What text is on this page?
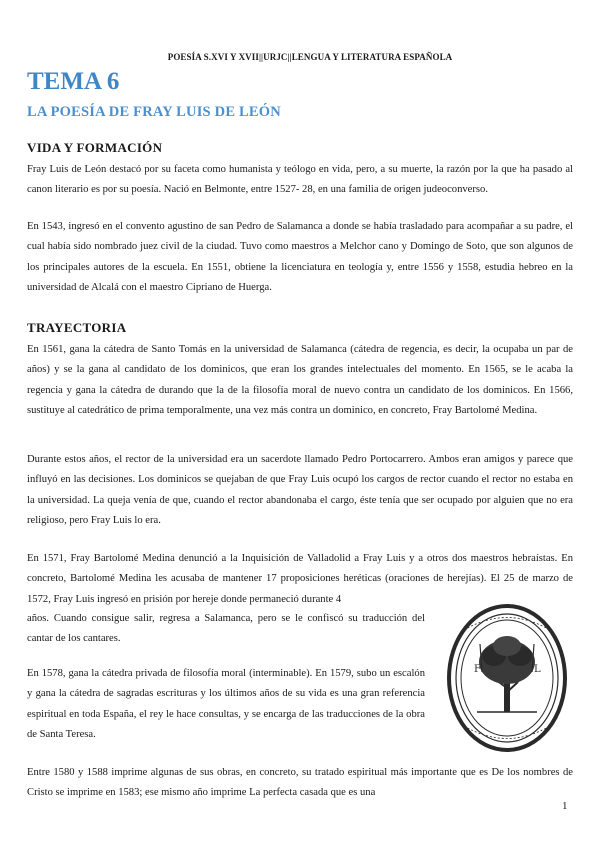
POESÍA S.XVI Y XVII||URJC||LENGUA Y LITERATURA ESPAÑOLA
TEMA 6
LA POESÍA DE FRAY LUIS DE LEÓN
VIDA Y FORMACIÓN

Fray Luis de León destacó por su faceta como humanista y teólogo en vida, pero, a su muerte, la razón por la que ha pasado al canon literario es por su poesía. Nació en Belmonte, entre 1527- 28, en una familia de origen judeoconverso.

En 1543, ingresó en el convento agustino de san Pedro de Salamanca a donde se había trasladado para acompañar a su padre, el cual había sido nombrado juez civil de la ciudad. Tuvo como maestros a Melchor cano y Domingo de Soto, que son algunos de los principales autores de la escuela. En 1551, obtiene la licenciatura en teología y, entre 1556 y 1558, estudia hebreo en la universidad de Alcalá con el maestro Cipriano de Huerga.

TRAYECTORIA

En 1561, gana la cátedra de Santo Tomás en la universidad de Salamanca (cátedra de regencia, es decir, la ocupaba un par de años) y se la gana al candidato de los dominicos, que eran los grandes intelectuales del momento. En 1565, se le acaba la regencia y gana la cátedra de durando que la de la filosofía moral de nuevo contra un candidato de los dominicos. En 1566, sustituye al catedrático de prima temporalmente, una vez más contra un dominico, en concreto, Fray Bartolomé Medina.

Durante estos años, el rector de la universidad era un sacerdote llamado Pedro Portocarrero. Ambos eran amigos y parece que influyó en las decisiones. Los dominicos se quejaban de que Fray Luis ocupó los cargos de rector cuando el rector no estaba en la universidad. La queja venía de que, cuando el rector abandonaba el cargo, éste tenía que ser ocupado por alguien que no era religioso, pero Fray Luis lo era.

En 1571, Fray Bartolomé Medina denunció a la Inquisición de Valladolid a Fray Luis y a otros dos maestros hebraístas. En concreto, Bartolomé Medina les acusaba de mantener 17 proposiciones heréticas (oraciones de herejías). El 25 de marzo de 1572, Fray Luis ingresó en prisión por hereje donde permaneció durante 4

años. Cuando consigue salir, regresa a Salamanca, pero se le confiscó su traducción del cantar de los cantares.

En 1578, gana la cátedra privada de filosofía moral (interminable). En 1579, subo un escalón y gana la cátedra de sagradas escrituras y los últimos años de su vida es una gran referencia espiritual en toda España, el rey le hace consultas, y se encarga de las traducciones de la obra de Santa Teresa.

Entre 1580 y 1588 imprime algunas de sus obras, en concreto, su tratado espiritual más importante que es De los nombres de Cristo se imprime en 1583; ese mismo año imprime La perfecta casada que es una

F	L
1
